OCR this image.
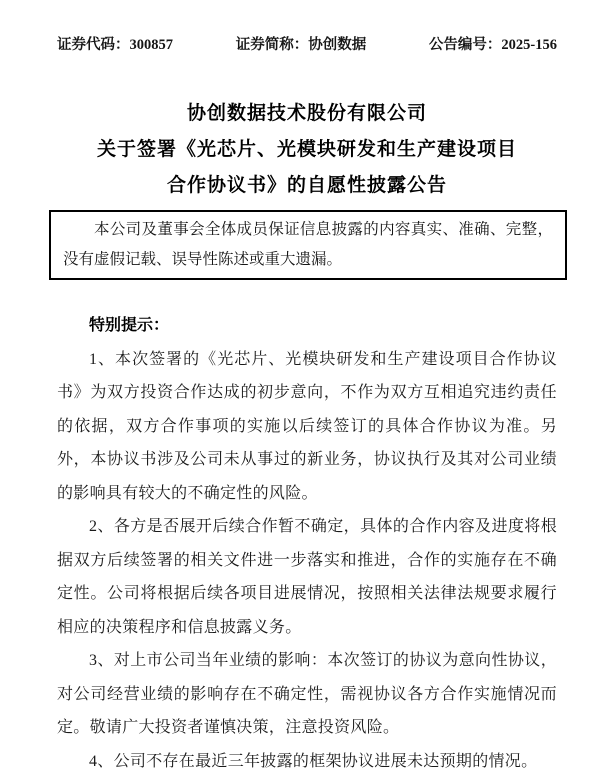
证券代码：300857	证券简称：协创数据	公告编号：2025-156
协创数据技术股份有限公司
关于签署《光芯片、光模块研发和生产建设项目
合作协议书》的自愿性披露公告

本公司及董事会全体成员保证信息披露的内容真实、准确、完整，没有虚假记载、误导性陈述或重大遗漏。

特别提示：

1、本次签署的《光芯片、光模块研发和生产建设项目合作协议书》为双方投资合作达成的初步意向，不作为双方互相追究违约责任的依据，双方合作事项的实施以后续签订的具体合作协议为准。另外，本协议书涉及公司未从事过的新业务，协议执行及其对公司业绩的影响具有较大的不确定性的风险。

2、各方是否展开后续合作暂不确定，具体的合作内容及进度将根据双方后续签署的相关文件进一步落实和推进，合作的实施存在不确定性。公司将根据后续各项目进展情况，按照相关法律法规要求履行相应的决策程序和信息披露义务。

3、对上市公司当年业绩的影响：本次签订的协议为意向性协议，对公司经营业绩的影响存在不确定性，需视协议各方合作实施情况而定。敬请广大投资者谨慎决策，注意投资风险。

4、公司不存在最近三年披露的框架协议进展未达预期的情况。
